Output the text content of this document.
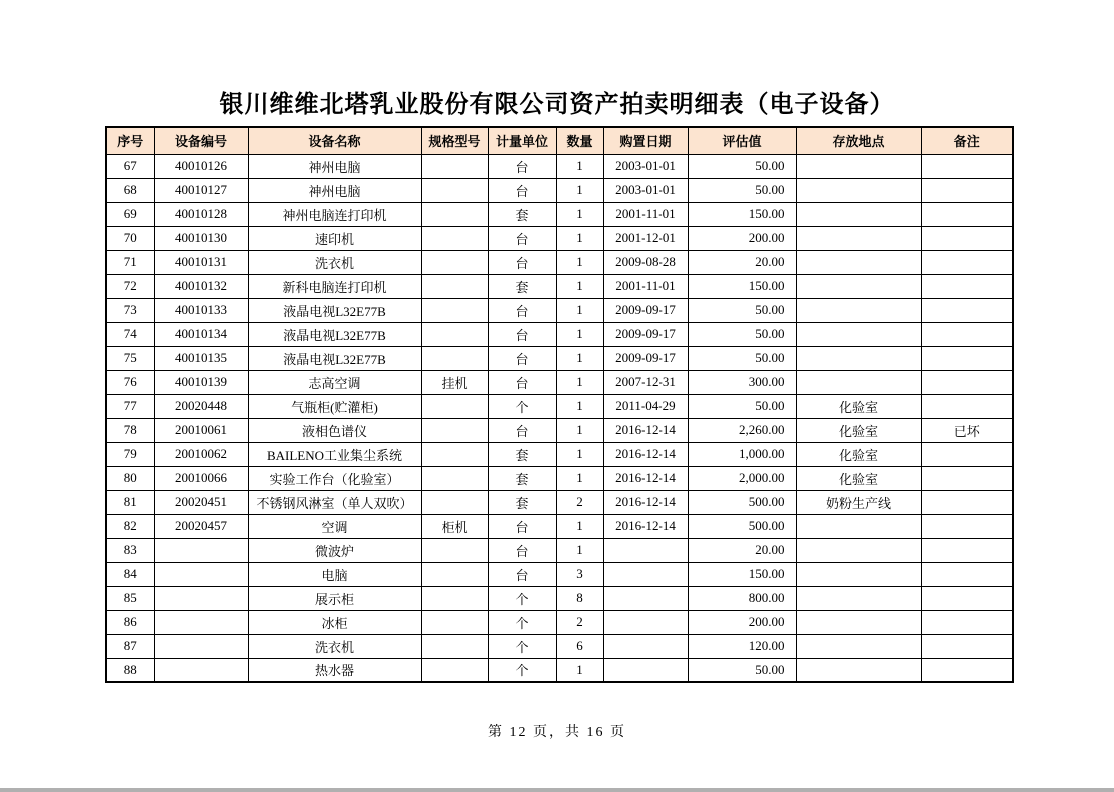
银川维维北塔乳业股份有限公司资产拍卖明细表（电子设备）
序号	设备编号	设备名称	规格型号	计量单位	数量	购置日期	评估值	存放地点	备注
67	40010126	神州电脑		台	1	2003-01-01	50.00		
68	40010127	神州电脑		台	1	2003-01-01	50.00		
69	40010128	神州电脑连打印机		套	1	2001-11-01	150.00		
70	40010130	速印机		台	1	2001-12-01	200.00		
71	40010131	洗衣机		台	1	2009-08-28	20.00		
72	40010132	新科电脑连打印机		套	1	2001-11-01	150.00		
73	40010133	液晶电视L32E77B		台	1	2009-09-17	50.00		
74	40010134	液晶电视L32E77B		台	1	2009-09-17	50.00		
75	40010135	液晶电视L32E77B		台	1	2009-09-17	50.00		
76	40010139	志高空调	挂机	台	1	2007-12-31	300.00		
77	20020448	气瓶柜(贮灌柜)		个	1	2011-04-29	50.00	化验室	
78	20010061	液相色谱仪		台	1	2016-12-14	2,260.00	化验室	已坏
79	20010062	BAILENO工业集尘系统		套	1	2016-12-14	1,000.00	化验室	
80	20010066	实验工作台（化验室）		套	1	2016-12-14	2,000.00	化验室	
81	20020451	不锈钢风淋室（单人双吹）		套	2	2016-12-14	500.00	奶粉生产线	
82	20020457	空调	柜机	台	1	2016-12-14	500.00		
83		微波炉		台	1		20.00		
84		电脑		台	3		150.00		
85		展示柜		个	8		800.00		
86		冰柜		个	2		200.00		
87		洗衣机		个	6		120.00		
88		热水器		个	1		50.00		
第 12 页，共 16 页
